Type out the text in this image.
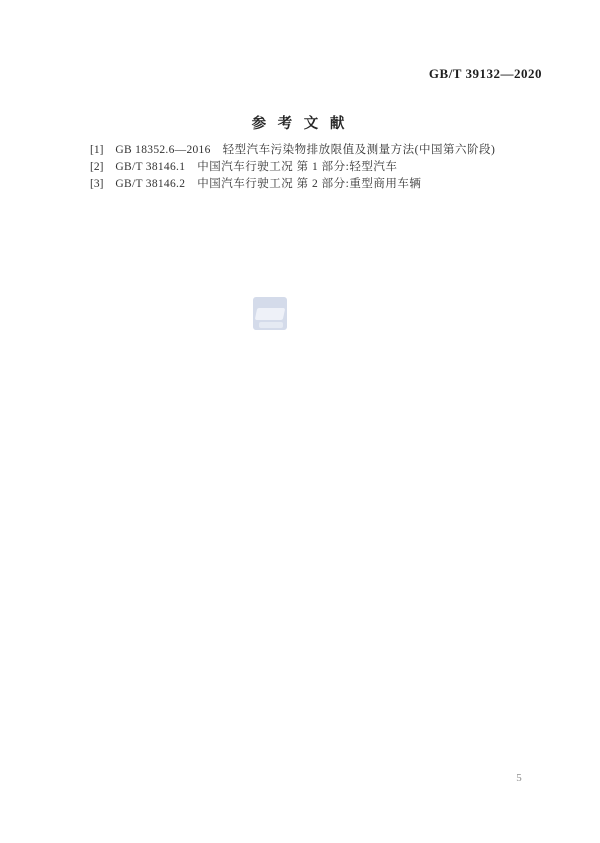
GB/T 39132—2020
参 考 文 献
[1] GB 18352.6—2016 轻型汽车污染物排放限值及测量方法(中国第六阶段)
[2] GB/T 38146.1 中国汽车行驶工况 第 1 部分:轻型汽车
[3] GB/T 38146.2 中国汽车行驶工况 第 2 部分:重型商用车辆
5
